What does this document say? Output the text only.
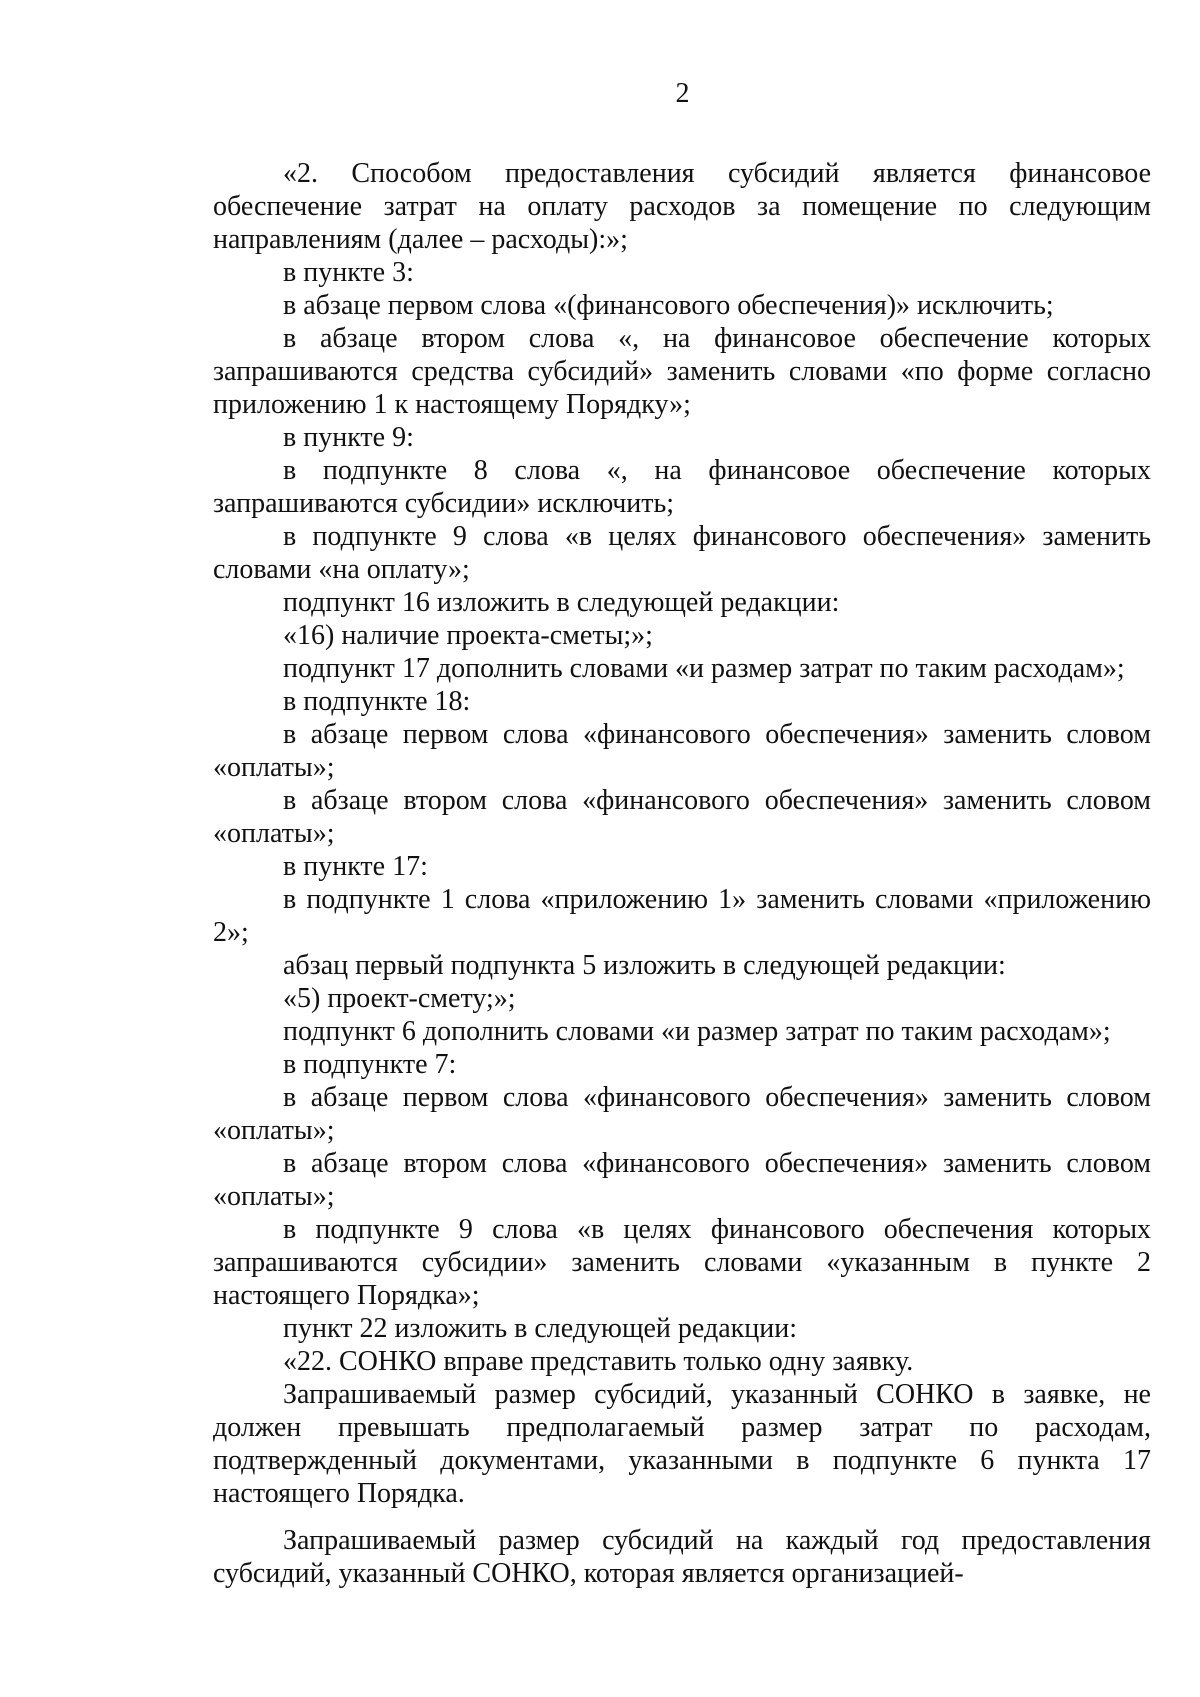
2

«2. Способом предоставления субсидий является финансовое обеспечение затрат на оплату расходов за помещение по следующим направлениям (далее – расходы):»;

в пункте 3:

в абзаце первом слова «(финансового обеспечения)» исключить;

в абзаце втором слова «, на финансовое обеспечение которых запрашиваются средства субсидий» заменить словами «по форме согласно приложению 1 к настоящему Порядку»;

в пункте 9:

в подпункте 8 слова «, на финансовое обеспечение которых запрашиваются субсидии» исключить;

в подпункте 9 слова «в целях финансового обеспечения» заменить словами «на оплату»;

подпункт 16 изложить в следующей редакции:

«16) наличие проекта-сметы;»;

подпункт 17 дополнить словами «и размер затрат по таким расходам»;

в подпункте 18:

в абзаце первом слова «финансового обеспечения» заменить словом «оплаты»;

в абзаце втором слова «финансового обеспечения» заменить словом «оплаты»;

в пункте 17:

в подпункте 1 слова «приложению 1» заменить словами «приложению 2»;

абзац первый подпункта 5 изложить в следующей редакции:

«5) проект-смету;»;

подпункт 6 дополнить словами «и размер затрат по таким расходам»;

в подпункте 7:

в абзаце первом слова «финансового обеспечения» заменить словом «оплаты»;

в абзаце втором слова «финансового обеспечения» заменить словом «оплаты»;

в подпункте 9 слова «в целях финансового обеспечения которых запрашиваются субсидии» заменить словами «указанным в пункте 2 настоящего Порядка»;

пункт 22 изложить в следующей редакции:

«22. СОНКО вправе представить только одну заявку.

Запрашиваемый размер субсидий, указанный СОНКО в заявке, не должен превышать предполагаемый размер затрат по расходам, подтвержденный документами, указанными в подпункте 6 пункта 17 настоящего Порядка.

Запрашиваемый размер субсидий на каждый год предоставления субсидий, указанный СОНКО, которая является организацией-
